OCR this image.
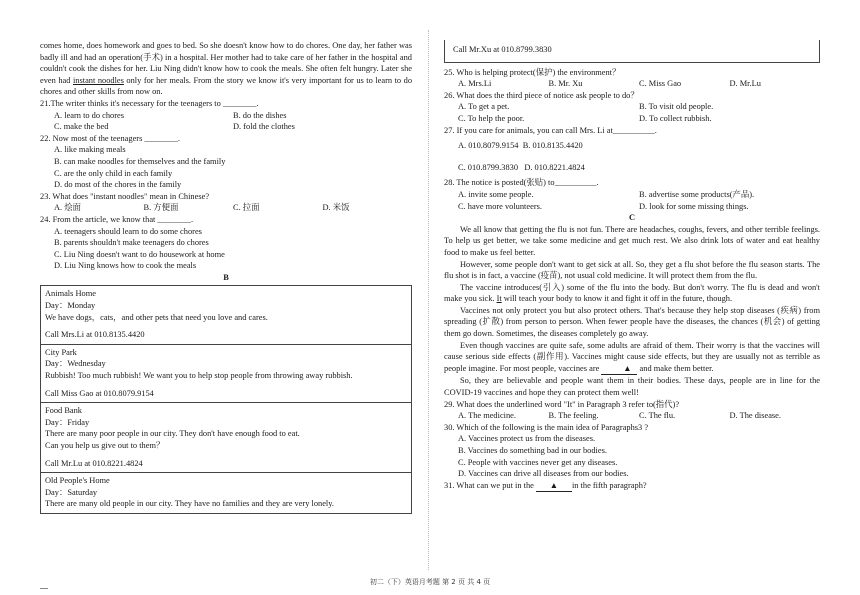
comes home, does homework and goes to bed. So she doesn't know how to do chores. One day, her father was badly ill and had an operation(手术) in a hospital. Her mother had to take care of her father in the hospital and couldn't cook the dishes for her. Liu Ning didn't know how to cook the meals. She often felt hungry. Later she even had instant noodles only for her meals. From the story we know it's very important for us to learn to do chores and other skills from now on.
21.The writer thinks it's necessary for the teenagers to ________.
A. learn to do chores	B. do the dishes
C. make the bed	D. fold the clothes
22. Now most of the teenagers ________.
A. like making meals
B. can make noodles for themselves and the family
C. are the only child in each family
D. do most of the chores in the family
23. What does "instant noodles" mean in Chinese?
A. 烩面	B. 方便面	C. 拉面	D. 米饭
24. From the article, we know that ________.
A. teenagers should learn to do some chores
B. parents shouldn't make teenagers do chores
C. Liu Ning doesn't want to do housework at home
D. Liu Ning knows how to cook the meals
B
Animals Home
Day：Monday
We have dogs，cats，and other pets that need you love and cares.
Call Mrs.Li at 010.8135.4420
City Park
Day：Wednesday
Rubbish! Too much rubbish! We want you to help stop people from throwing away rubbish.
Call Miss Gao at 010.8079.9154
Food Bank
Day：Friday
There are many poor people in our city. They don't have enough food to eat.
Can you help us give out to them？
Call Mr.Lu at 010.8221.4824
Old People's Home
Day：Saturday
There are many old people in our city. They have no families and they are very lonely.
Call Mr.Xu at 010.8799.3830
25. Who is helping protect(保护) the environment？
A. Mrs.Li	B. Mr. Xu	C. Miss Gao	D. Mr.Lu
26. What does the third piece of notice ask people to do？
A. To get a pet.	B. To visit old people.
C. To help the poor.	D. To collect rubbish.
27. If you care for animals, you can call Mrs. Li at__________.
A. 010.8079.9154 B. 010.8135.4420
C. 010.8799.3830 D. 010.8221.4824
28. The notice is posted(张贴) to__________.
A. invite some people.	B. advertise some products(产品).
C. have more volunteers.	D. look for some missing things.
C
We all know that getting the flu is not fun. There are headaches, coughs, fevers, and other terrible feelings. To help us get better, we take some medicine and get much rest. We also drink lots of water and eat healthy food to make us feel better.
However, some people don't want to get sick at all. So, they get a flu shot before the flu season starts. The flu shot is in fact, a vaccine (疫苗), not usual cold medicine. It will protect them from the flu.
The vaccine introduces(引入) some of the flu into the body. But don't worry. The flu is dead and won't make you sick. It will teach your body to know it and fight it off in the future, though.
Vaccines not only protect you but also protect others. That's because they help stop diseases (疾病) from spreading (扩散) from person to person. When fewer people have the diseases, the chances (机会) of getting them go down. Sometimes, the diseases completely go away.
Even though vaccines are quite safe, some adults are afraid of them. Their worry is that the vaccines will cause serious side effects (副作用). Vaccines might cause side effects, but they are usually not as terrible as people imagine. For most people, vaccines are	▲ and make them better.
So, they are believable and people want them in their bodies. These days, people are in line for the COVID-19 vaccines and hope they can protect them well!
29. What does the underlined word "It" in Paragraph 3 refer to(指代)?
A. The medicine.	B. The feeling.	C. The flu.	D. The disease.
30. Which of the following is the main idea of Paragraphs3 ?
A. Vaccines protect us from the diseases.
B. Vaccines do something bad in our bodies.
C. People with vaccines never get any diseases.
D. Vaccines can drive all diseases from our bodies.
31. What can we put in the ▲ in the fifth paragraph?
初二（下）英语月考题 第 2 页 共 4 页
